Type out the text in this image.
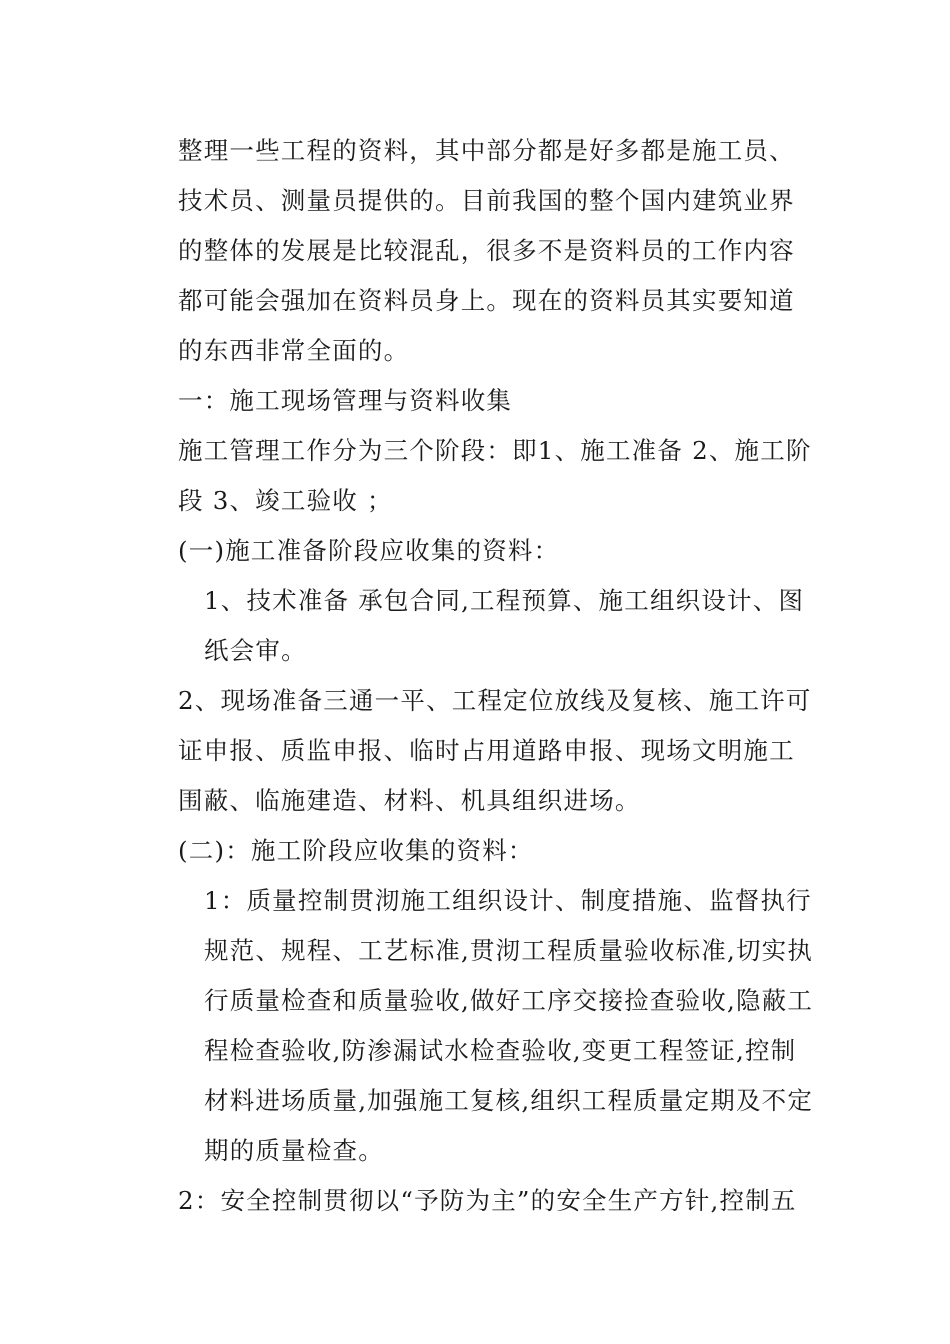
整理一些工程的资料，其中部分都是好多都是施工员、技术员、测量员提供的。目前我国的整个国内建筑业界的整体的发展是比较混乱，很多不是资料员的工作内容都可能会强加在资料员身上。现在的资料员其实要知道的东西非常全面的。

一：施工现场管理与资料收集

施工管理工作分为三个阶段：即1、施工准备 2、施工阶段 3、竣工验收 ；

(一)施工准备阶段应收集的资料：

1、技术准备 承包合同,工程预算、施工组织设计、图纸会审。

2、现场准备三通一平、工程定位放线及复核、施工许可证申报、质监申报、临时占用道路申报、现场文明施工围蔽、临施建造、材料、机具组织进场。

(二)：施工阶段应收集的资料：

1：质量控制贯沏施工组织设计、制度措施、监督执行规范、规程、工艺标准,贯沏工程质量验收标准,切实执行质量检查和质量验收,做好工序交接捡查验收,隐蔽工程检查验收,防渗漏试水检查验收,变更工程签证,控制材料进场质量,加强施工复核,组织工程质量定期及不定期的质量检查。

2：安全控制贯彻以“予防为主”的安全生产方针,控制五
